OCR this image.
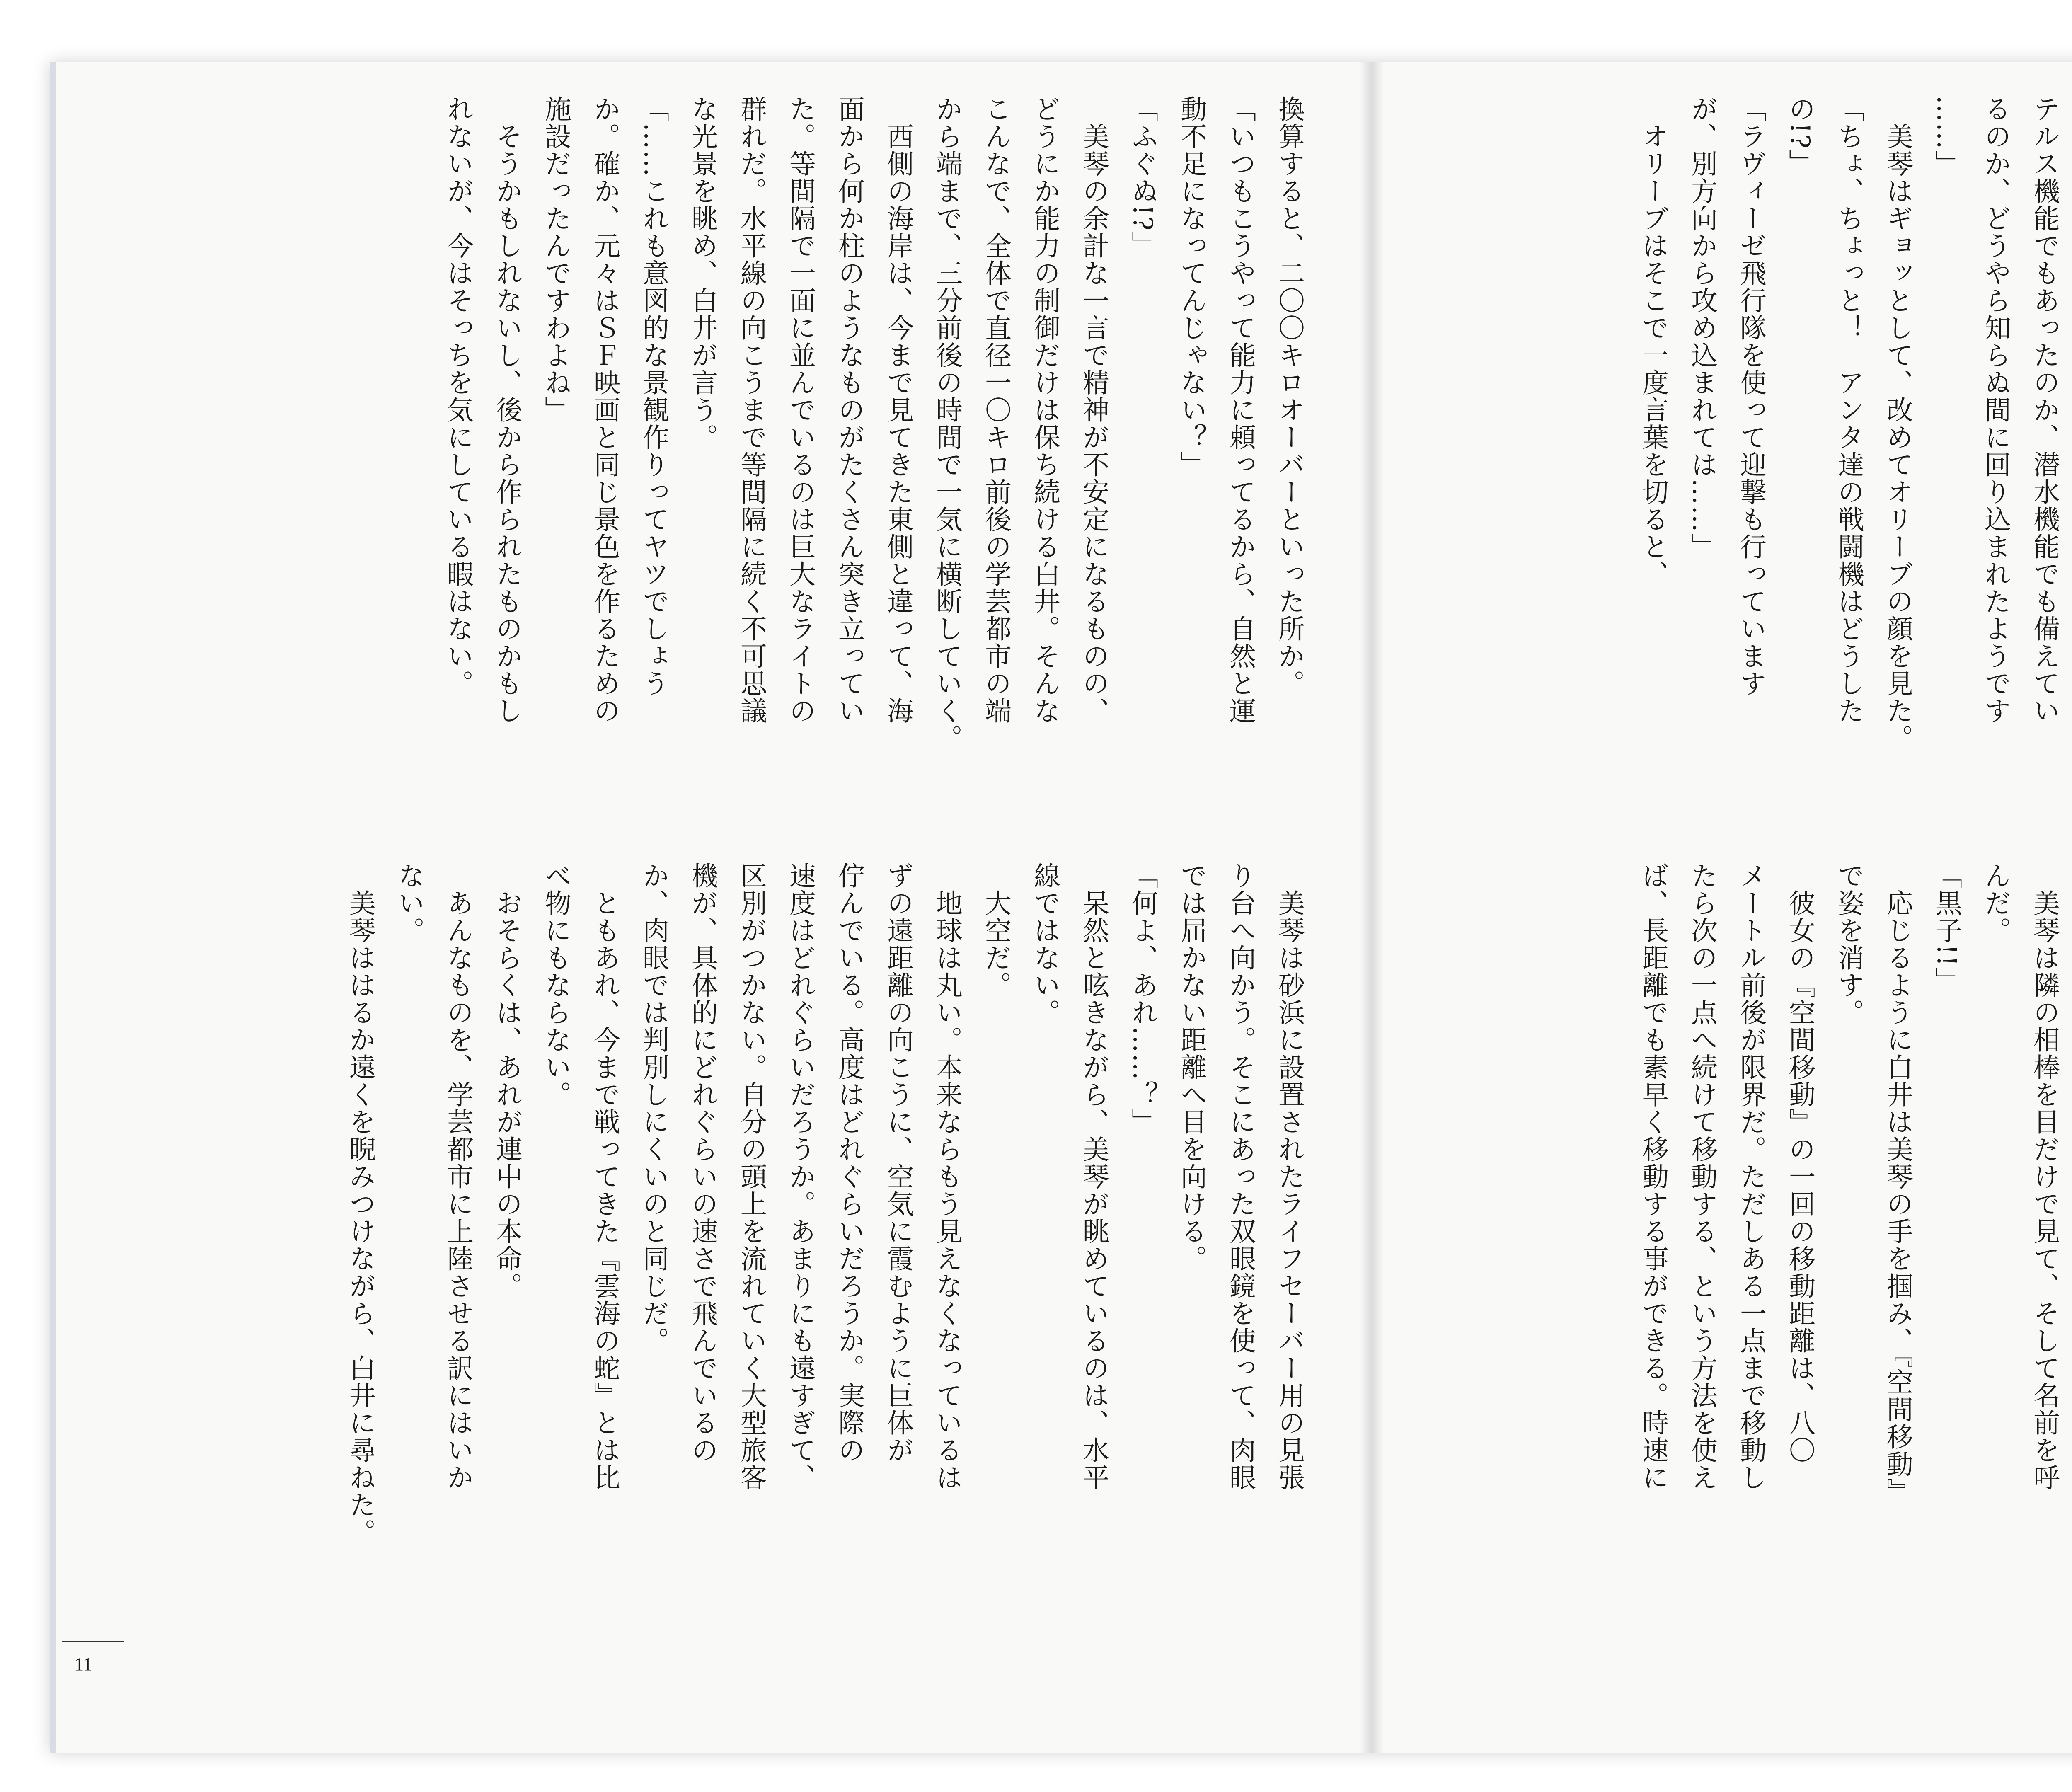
テルス機能でもあったのか、潜水機能でも備えてい
るのか、どうやら知らぬ間に回り込まれたようです
……」
　美琴はギョッとして、改めてオリーブの顔を見た。
「ちょ、ちょっと！　アンタ達の戦闘機はどうした
の!?」
「ラヴィーゼ飛行隊を使って迎撃も行っています
が、別方向から攻め込まれては……」
　オリーブはそこで一度言葉を切ると、
　美琴は隣の相棒を目だけで見て、そして名前を呼
んだ。
「黒子!!」
　応じるように白井は美琴の手を掴み、『空間移動』
で姿を消す。
　彼女の『空間移動』の一回の移動距離は、八〇
メートル前後が限界だ。ただしある一点まで移動し
たら次の一点へ続けて移動する、という方法を使え
ば、長距離でも素早く移動する事ができる。時速に
換算すると、二〇〇キロオーバーといった所か。
「いつもこうやって能力に頼ってるから、自然と運
動不足になってんじゃない？」
「ふぐぬ!?」
　美琴の余計な一言で精神が不安定になるものの、
どうにか能力の制御だけは保ち続ける白井。そんな
こんなで、全体で直径一〇キロ前後の学芸都市の端
から端まで、三分前後の時間で一気に横断していく。
　西側の海岸は、今まで見てきた東側と違って、海
面から何か柱のようなものがたくさん突き立ってい
た。等間隔で一面に並んでいるのは巨大なライトの
群れだ。水平線の向こうまで等間隔に続く不可思議
な光景を眺め、白井が言う。
「……これも意図的な景観作りってヤツでしょう
か。確か、元々はＳＦ映画と同じ景色を作るための
施設だったんですわよね」
　そうかもしれないし、後から作られたものかもし
れないが、今はそっちを気にしている暇はない。
　美琴は砂浜に設置されたライフセーバー用の見張
り台へ向かう。そこにあった双眼鏡を使って、肉眼
では届かない距離へ目を向ける。
「何よ、あれ……？」
　呆然と呟きながら、美琴が眺めているのは、水平
線ではない。
　大空だ。
　地球は丸い。本来ならもう見えなくなっているは
ずの遠距離の向こうに、空気に霞むように巨体が
佇んでいる。高度はどれぐらいだろうか。実際の
速度はどれぐらいだろうか。あまりにも遠すぎて、
区別がつかない。自分の頭上を流れていく大型旅客
機が、具体的にどれぐらいの速さで飛んでいるの
か、肉眼では判別しにくいのと同じだ。
　ともあれ、今まで戦ってきた『雲海の蛇』とは比
べ物にもならない。
　おそらくは、あれが連中の本命。
　あんなものを、学芸都市に上陸させる訳にはいか
ない。
　美琴ははるか遠くを睨みつけながら、白井に尋ねた。
11
